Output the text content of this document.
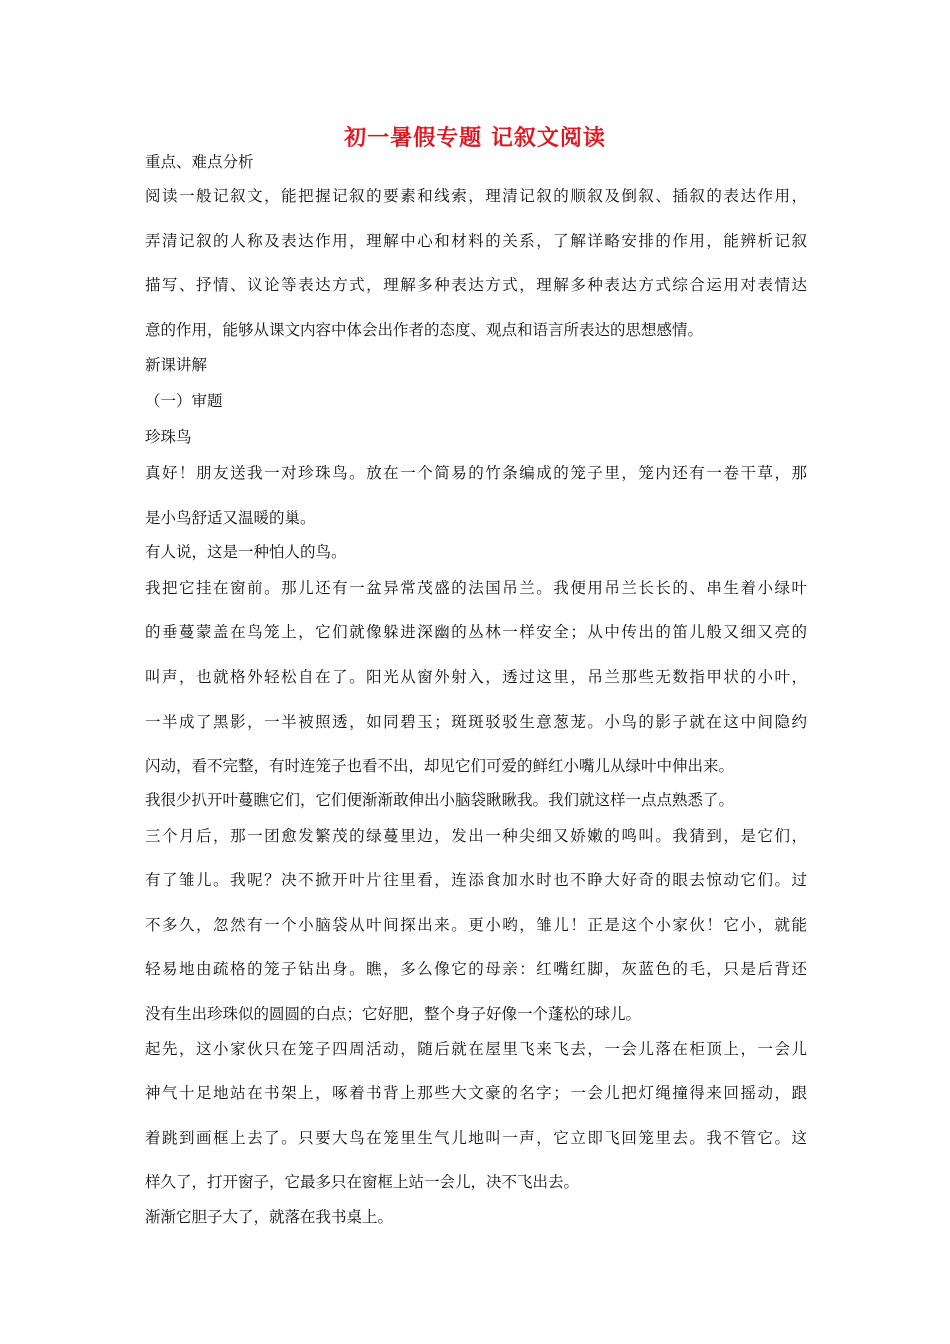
初一暑假专题 记叙文阅读
重点、难点分析
阅读一般记叙文，能把握记叙的要素和线索，理清记叙的顺叙及倒叙、插叙的表达作用，
弄清记叙的人称及表达作用，理解中心和材料的关系，了解详略安排的作用，能辨析记叙
描写、抒情、议论等表达方式，理解多种表达方式，理解多种表达方式综合运用对表情达
意的作用，能够从课文内容中体会出作者的态度、观点和语言所表达的思想感情。
新课讲解
（一）审题
珍珠鸟
真好！朋友送我一对珍珠鸟。放在一个简易的竹条编成的笼子里，笼内还有一卷干草，那
是小鸟舒适又温暖的巢。
有人说，这是一种怕人的鸟。
我把它挂在窗前。那儿还有一盆异常茂盛的法国吊兰。我便用吊兰长长的、串生着小绿叶
的垂蔓蒙盖在鸟笼上，它们就像躲进深幽的丛林一样安全；从中传出的笛儿般又细又亮的
叫声，也就格外轻松自在了。阳光从窗外射入，透过这里，吊兰那些无数指甲状的小叶，
一半成了黑影，一半被照透，如同碧玉；斑斑驳驳生意葱茏。小鸟的影子就在这中间隐约
闪动，看不完整，有时连笼子也看不出，却见它们可爱的鲜红小嘴儿从绿叶中伸出来。
我很少扒开叶蔓瞧它们，它们便渐渐敢伸出小脑袋瞅瞅我。我们就这样一点点熟悉了。
三个月后，那一团愈发繁茂的绿蔓里边，发出一种尖细又娇嫩的鸣叫。我猜到，是它们，
有了雏儿。我呢？决不掀开叶片往里看，连添食加水时也不睁大好奇的眼去惊动它们。过
不多久，忽然有一个小脑袋从叶间探出来。更小哟，雏儿！正是这个小家伙！它小，就能
轻易地由疏格的笼子钻出身。瞧，多么像它的母亲：红嘴红脚，灰蓝色的毛，只是后背还
没有生出珍珠似的圆圆的白点；它好肥，整个身子好像一个蓬松的球儿。
起先，这小家伙只在笼子四周活动，随后就在屋里飞来飞去，一会儿落在柜顶上，一会儿
神气十足地站在书架上，啄着书背上那些大文豪的名字；一会儿把灯绳撞得来回摇动，跟
着跳到画框上去了。只要大鸟在笼里生气儿地叫一声，它立即飞回笼里去。我不管它。这
样久了，打开窗子，它最多只在窗框上站一会儿，决不飞出去。
渐渐它胆子大了，就落在我书桌上。
